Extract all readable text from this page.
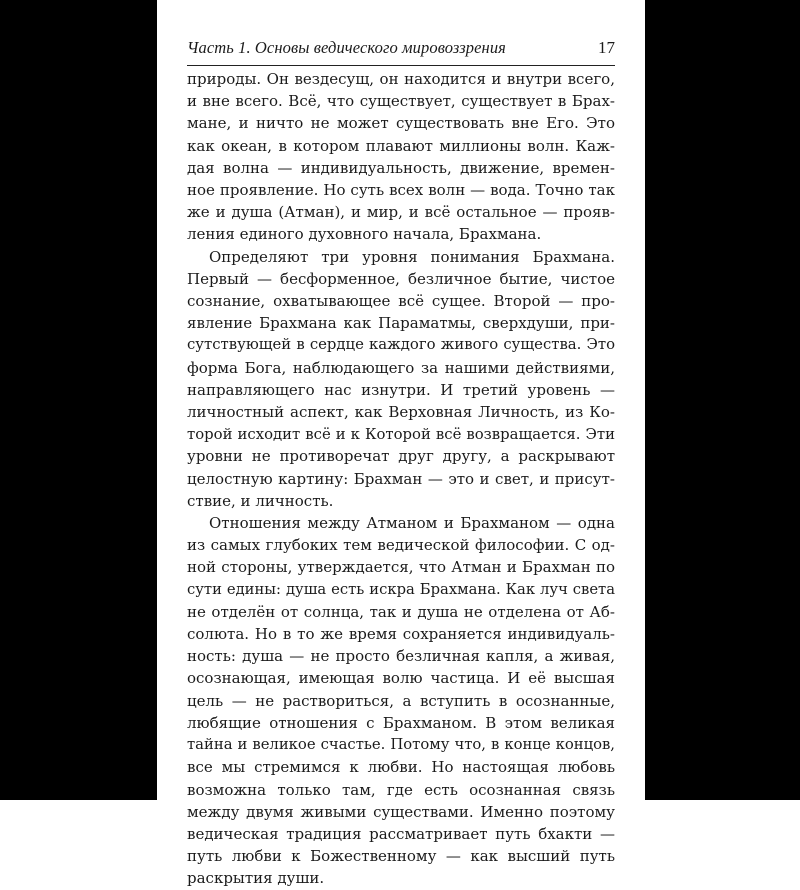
Часть 1. Основы ведического мировоззрения	17

природы. Он вездесущ, он находится и внутри всего,
и вне всего. Всё, что существует, существует в Брах-
мане, и ничто не может существовать вне Его. Это
как океан, в котором плавают миллионы волн. Каж-
дая волна — индивидуальность, движение, времен-
ное проявление. Но суть всех волн — вода. Точно так
же и душа (Атман), и мир, и всё остальное — прояв-
ления единого духовного начала, Брахмана.

Определяют три уровня понимания Брахмана.
Первый — бесформенное, безличное бытие, чистое
сознание, охватывающее всё сущее. Второй — про-
явление Брахмана как Параматмы, сверхдуши, при-
сутствующей в сердце каждого живого существа. Это
форма Бога, наблюдающего за нашими действиями,
направляющего нас изнутри. И третий уровень —
личностный аспект, как Верховная Личность, из Ко-
торой исходит всё и к Которой всё возвращается. Эти
уровни не противоречат друг другу, а раскрывают
целостную картину: Брахман — это и свет, и присут-
ствие, и личность.

Отношения между Атманом и Брахманом — одна
из самых глубоких тем ведической философии. С од-
ной стороны, утверждается, что Атман и Брахман по
сути едины: душа есть искра Брахмана. Как луч света
не отделён от солнца, так и душа не отделена от Аб-
солюта. Но в то же время сохраняется индивидуаль-
ность: душа — не просто безличная капля, а живая,
осознающая, имеющая волю частица. И её высшая
цель — не раствориться, а вступить в осознанные,
любящие отношения с Брахманом. В этом великая
тайна и великое счастье. Потому что, в конце концов,
все мы стремимся к любви. Но настоящая любовь
возможна только там, где есть осознанная связь
между двумя живыми существами. Именно поэтому
ведическая традиция рассматривает путь бхакти —
путь любви к Божественному — как высший путь
раскрытия души.
